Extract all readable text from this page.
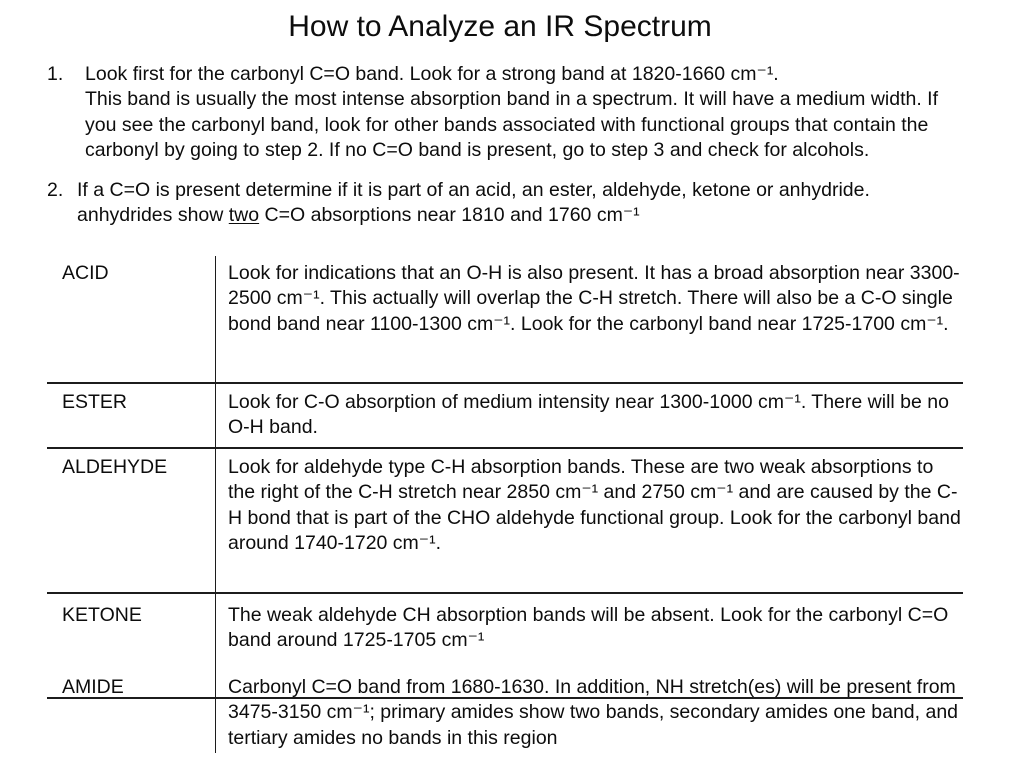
How to Analyze an IR Spectrum
1. Look first for the carbonyl C=O band. Look for a strong band at 1820-1660 cm⁻¹.
This band is usually the most intense absorption band in a spectrum. It will have a medium width. If you see the carbonyl band, look for other bands associated with functional groups that contain the carbonyl by going to step 2. If no C=O band is present, go to step 3 and check for alcohols.
2. If a C=O is present determine if it is part of an acid, an ester, aldehyde, ketone or anhydride.
anhydrides show two C=O absorptions near 1810 and 1760 cm⁻¹
ACID	Look for indications that an O-H is also present. It has a broad absorption near 3300-2500 cm⁻¹. This actually will overlap the C-H stretch. There will also be a C-O single bond band near 1100-1300 cm⁻¹. Look for the carbonyl band near 1725-1700 cm⁻¹.
ESTER	Look for C-O absorption of medium intensity near 1300-1000 cm⁻¹. There will be no O-H band.
ALDEHYDE	Look for aldehyde type C-H absorption bands. These are two weak absorptions to the right of the C-H stretch near 2850 cm⁻¹ and 2750 cm⁻¹ and are caused by the C-H bond that is part of the CHO aldehyde functional group. Look for the carbonyl band around 1740-1720 cm⁻¹.
KETONE	The weak aldehyde CH absorption bands will be absent. Look for the carbonyl C=O band around 1725-1705 cm⁻¹
AMIDE	Carbonyl C=O band from 1680-1630. In addition, NH stretch(es) will be present from 3475-3150 cm⁻¹; primary amides show two bands, secondary amides one band, and tertiary amides no bands in this region
